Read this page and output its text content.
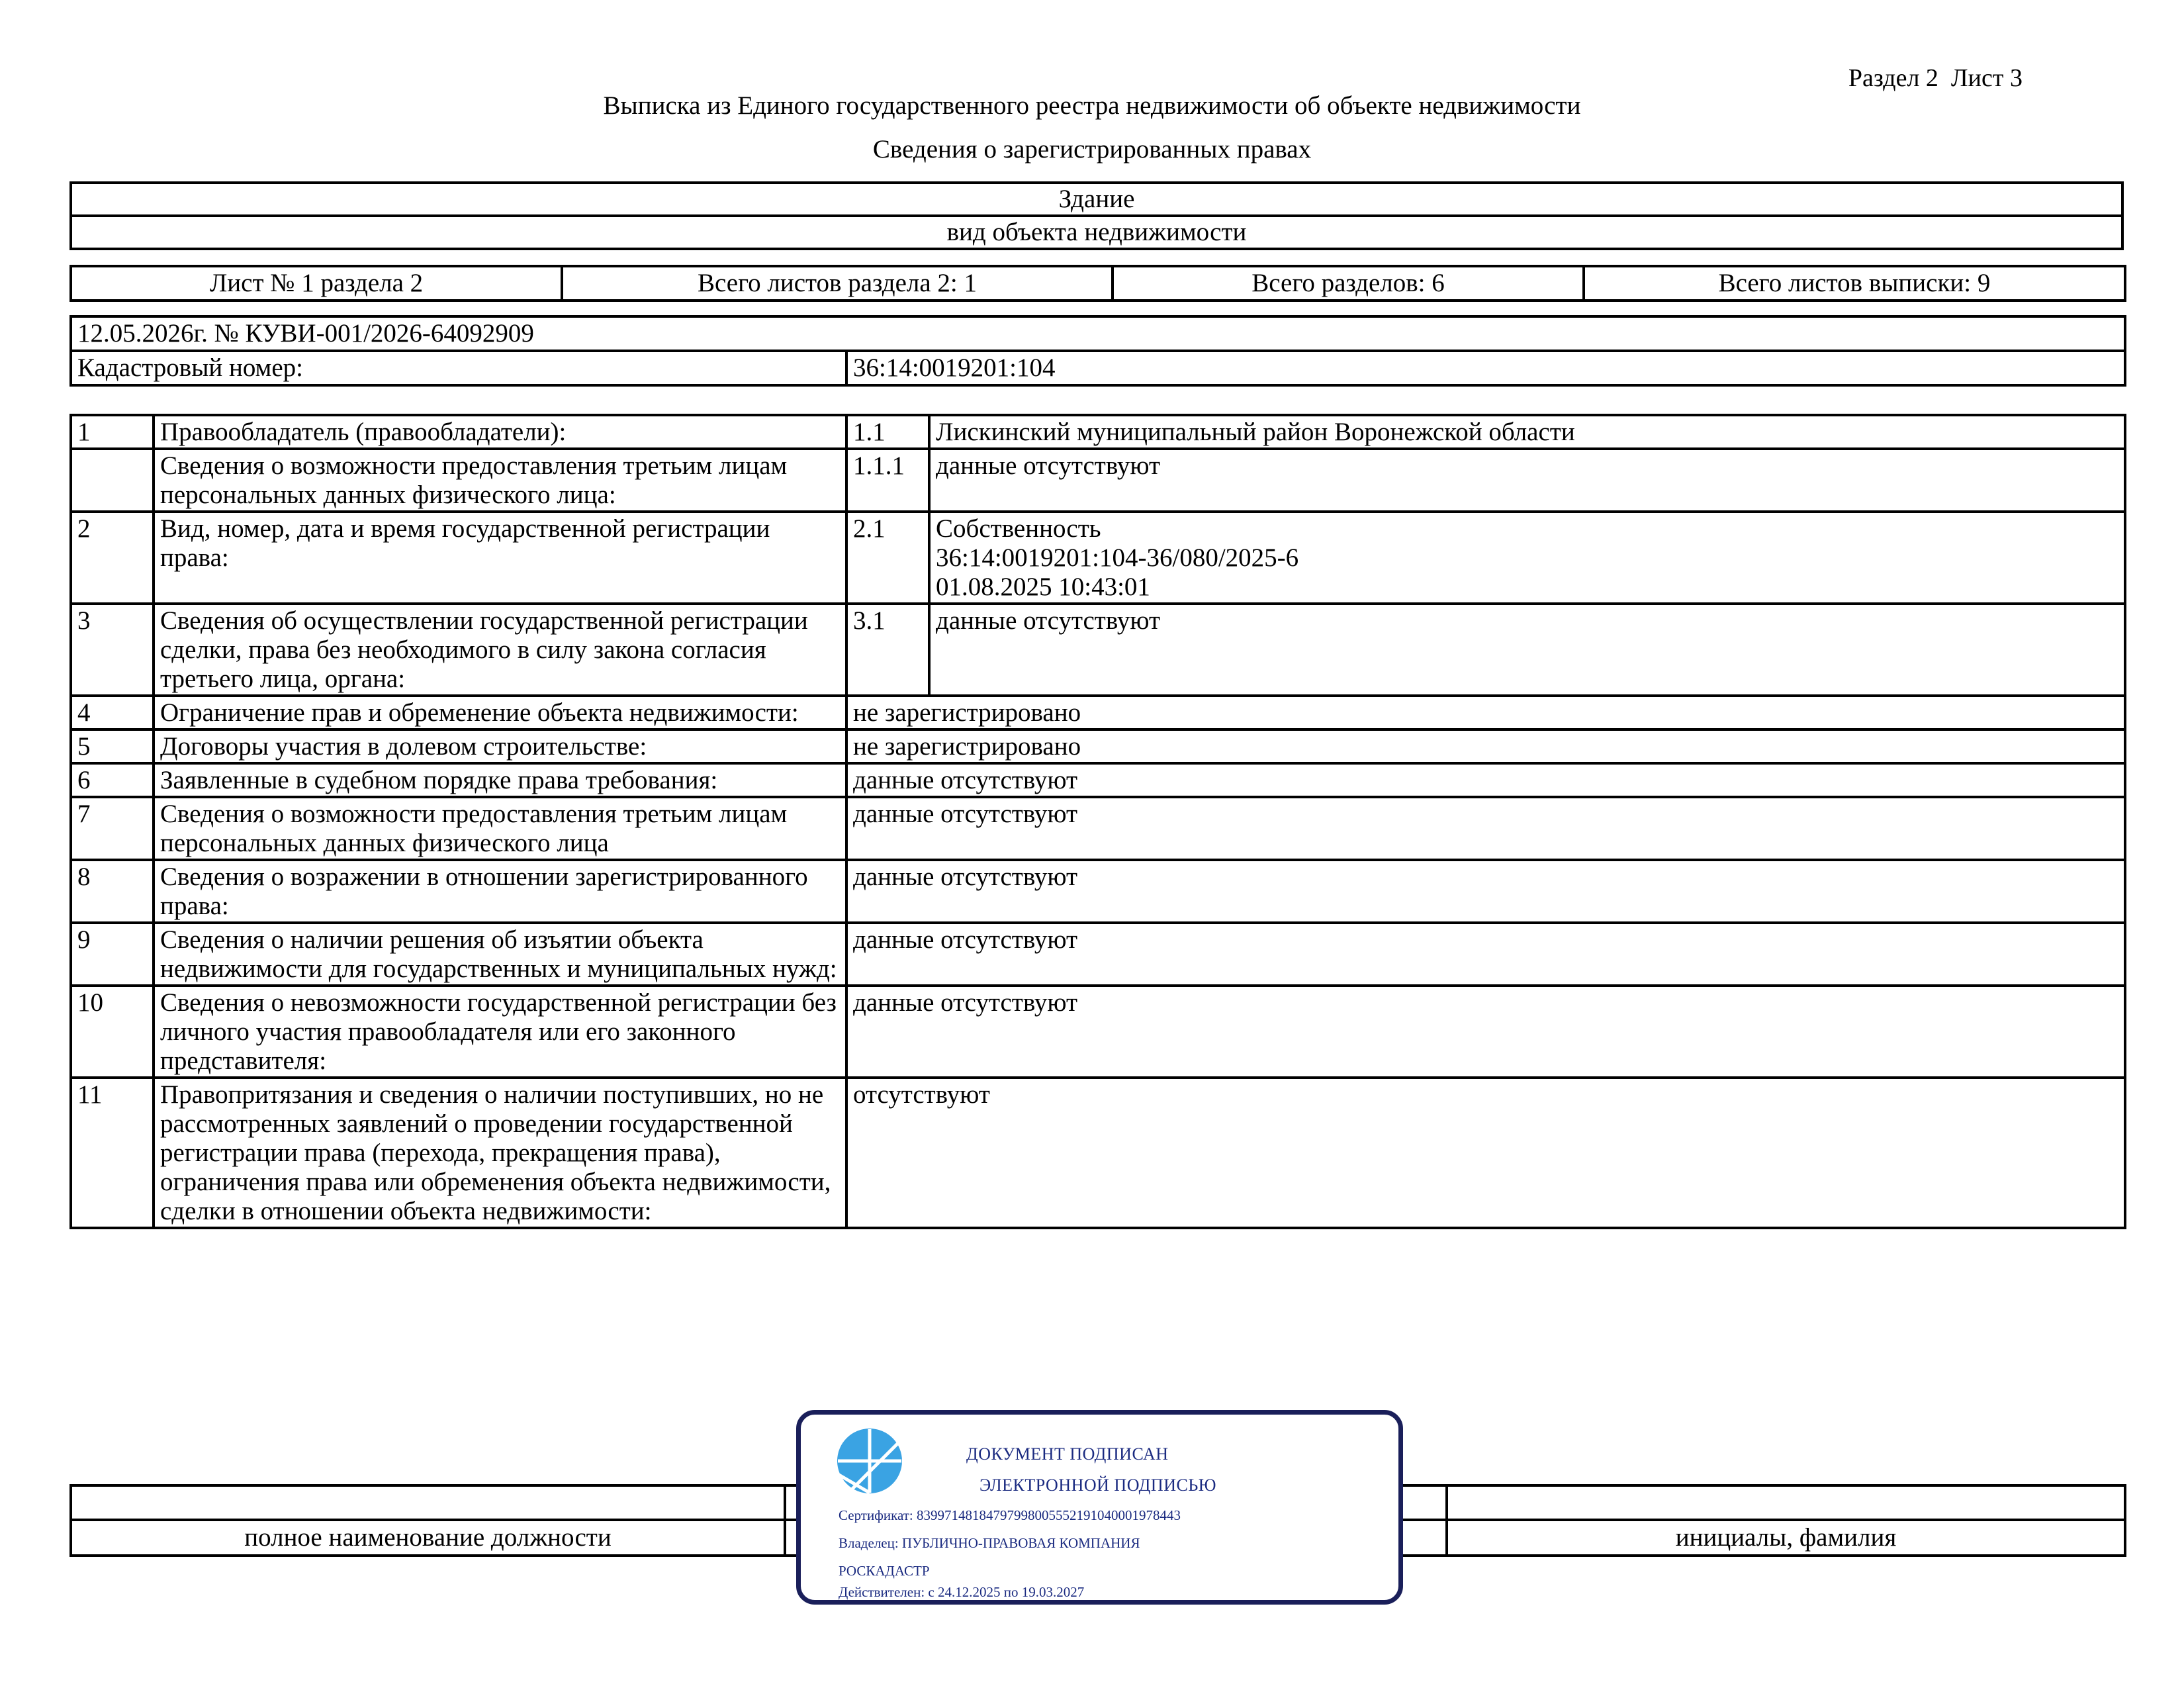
Раздел 2  Лист 3
Выписка из Единого государственного реестра недвижимости об объекте недвижимости
Сведения о зарегистрированных правах
Здание
вид объекта недвижимости
Лист № 1 раздела 2	Всего листов раздела 2: 1	Всего разделов: 6	Всего листов выписки: 9
12.05.2026г. № КУВИ-001/2026-64092909
Кадастровый номер:	36:14:0019201:104
1	Правообладатель (правообладатели):	1.1	Лискинский муниципальный район Воронежской области
	Сведения о возможности предоставления третьим лицам персональных данных физического лица:	1.1.1	данные отсутствуют
2	Вид, номер, дата и время государственной регистрации права:	2.1	Собственность
36:14:0019201:104-36/080/2025-6
01.08.2025 10:43:01

3	Сведения об осуществлении государственной регистрации сделки, права без необходимого в силу закона согласия третьего лица, органа:	3.1	данные отсутствуют
4	Ограничение прав и обременение объекта недвижимости:	не зарегистрировано	
5	Договоры участия в долевом строительстве:	не зарегистрировано	
6	Заявленные в судебном порядке права требования:	данные отсутствуют	
7	Сведения о возможности предоставления третьим лицам персональных данных физического лица	данные отсутствуют	
8	Сведения о возражении в отношении зарегистрированного права:	данные отсутствуют	
9	Сведения о наличии решения об изъятии объекта недвижимости для государственных и муниципальных нужд:	данные отсутствуют	
10	Сведения о невозможности государственной регистрации без личного участия правообладателя или его законного представителя:	данные отсутствуют	
11	Правопритязания и сведения о наличии поступивших, но не рассмотренных заявлений о проведении государственной регистрации права (перехода, прекращения права), ограничения права или обременения объекта недвижимости, сделки в отношении объекта недвижимости:	отсутствуют	

полное наименование должности		инициалы, фамилия
ДОКУМЕНТ ПОДПИСАН
ЭЛЕКТРОННОЙ ПОДПИСЬЮ
Сертификат: 83997148184797998005552191040001978443
Владелец: ПУБЛИЧНО-ПРАВОВАЯ КОМПАНИЯ
РОСКАДАСТР
Действителен: с 24.12.2025 по 19.03.2027
